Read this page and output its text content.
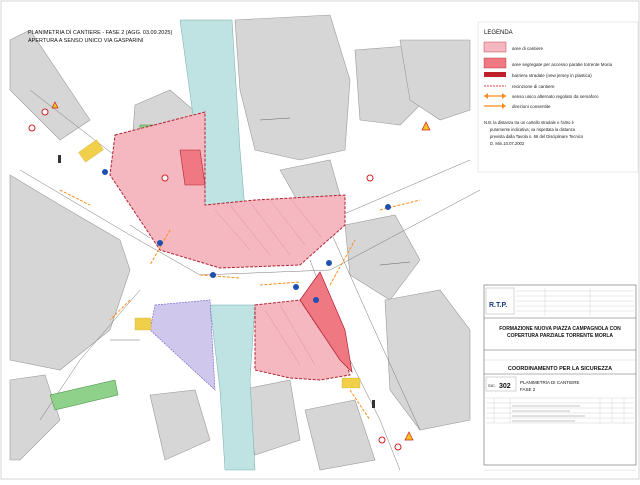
PLANIMETRIA DI CANTIERE - FASE 2 (AGG. 03.09.2025)
APERTURA A SENSO UNICO VIA GASPARINI
LEGENDA
aree di cantiere
aree segregate per accesso paratie torrente Moria
barriera stradale (new jersey in plastica)
recinzione di cantiere
senso unico alternato regolato da semaforo
direzioni consentite
N.B. la distanza tra un cartello stradale e l'altro è
puramente indicativa; va rispettata la distanza
prevista dalla Tavola n. 66 del Disciplinare Tecnico
D. Min.10.07.2002
R.T.P.
FORMAZIONE NUOVA PIAZZA CAMPAGNOLA CON
COPERTURA PARZIALE TORRENTE MORLA
COORDINAMENTO PER LA SICUREZZA
SIC. 302
PLANIMETRIA DI CANTIERE
FASE 2
